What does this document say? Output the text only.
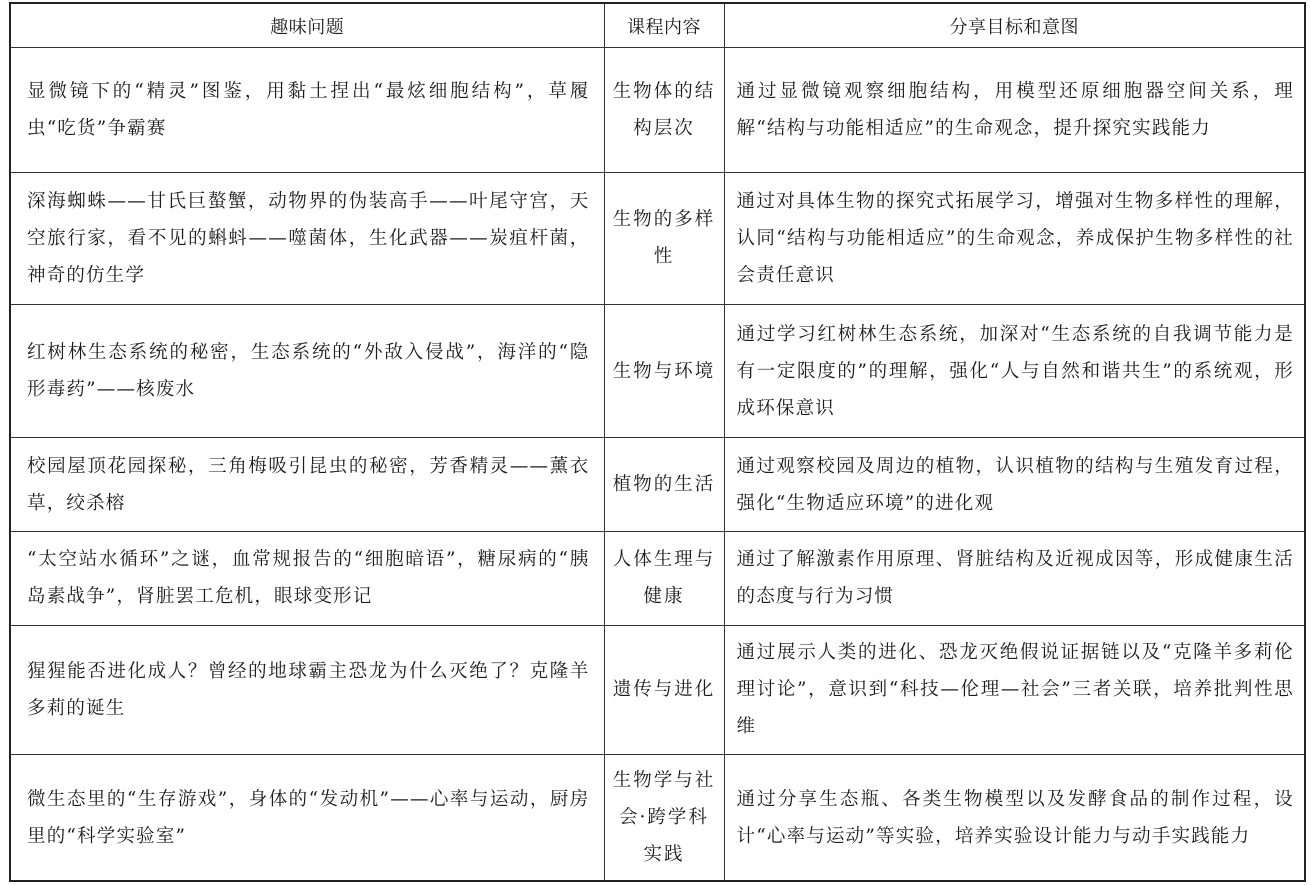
趣味问题	课程内容	分享目标和意图
显微镜下的“精灵”图鉴，用黏土捏出“最炫细胞结构”，草履虫“吃货”争霸赛	生物体的结构层次	通过显微镜观察细胞结构，用模型还原细胞器空间关系，理解“结构与功能相适应”的生命观念，提升探究实践能力
深海蜘蛛——甘氏巨螯蟹，动物界的伪装高手——叶尾守宫，天空旅行家，看不见的蝌蚪——噬菌体，生化武器——炭疽杆菌，神奇的仿生学	生物的多样性	通过对具体生物的探究式拓展学习，增强对生物多样性的理解，认同“结构与功能相适应”的生命观念，养成保护生物多样性的社会责任意识
红树林生态系统的秘密，生态系统的“外敌入侵战”，海洋的“隐形毒药”——核废水	生物与环境	通过学习红树林生态系统，加深对“生态系统的自我调节能力是有一定限度的”的理解，强化“人与自然和谐共生”的系统观，形成环保意识
校园屋顶花园探秘，三角梅吸引昆虫的秘密，芳香精灵——薰衣草，绞杀榕	植物的生活	通过观察校园及周边的植物，认识植物的结构与生殖发育过程，强化“生物适应环境”的进化观
“太空站水循环”之谜，血常规报告的“细胞暗语”，糖尿病的“胰岛素战争”，肾脏罢工危机，眼球变形记	人体生理与健康	通过了解激素作用原理、肾脏结构及近视成因等，形成健康生活的态度与行为习惯
猩猩能否进化成人？曾经的地球霸主恐龙为什么灭绝了？克隆羊多莉的诞生	遗传与进化	通过展示人类的进化、恐龙灭绝假说证据链以及“克隆羊多莉伦理讨论”，意识到“科技—伦理—社会”三者关联，培养批判性思维
微生态里的“生存游戏”，身体的“发动机”——心率与运动，厨房里的“科学实验室”	生物学与社会·跨学科实践	通过分享生态瓶、各类生物模型以及发酵食品的制作过程，设计“心率与运动”等实验，培养实验设计能力与动手实践能力
